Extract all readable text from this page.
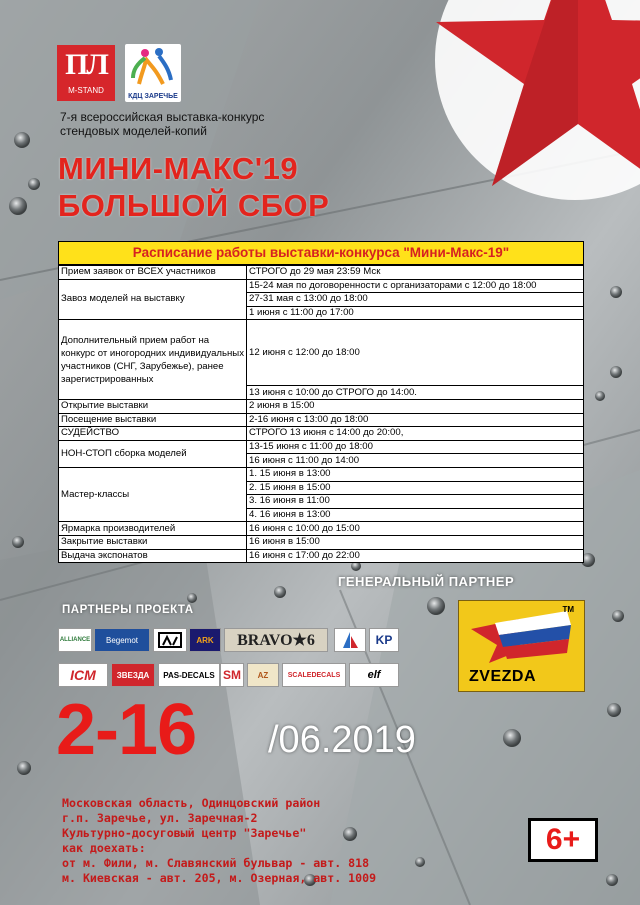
ПЛ
M-STAND
КДЦ ЗАРЕЧЬЕ
7-я всероссийская выставка-конкурс
стендовых моделей-копий
МИНИ-МАКС'19
БОЛЬШОЙ СБОР
Расписание работы выставки-конкурса "Мини-Макс-19"
Прием заявок от ВСЕХ участников	СТРОГО до 29 мая 23:59 Мск
Завоз моделей на выставку	15-24 мая по договоренности с организаторами с 12:00 до 18:00
	27-31 мая с 13:00 до 18:00
	1 июня с 11:00 до 17:00
Дополнительный прием работ на конкурс от иногородних индивидуальных участников (СНГ, Зарубежье), ранее зарегистрированных	12 июня с 12:00 до 18:00
	13 июня с 10:00 до СТРОГО до 14:00.
Открытие выставки	2 июня в 15:00
Посещение выставки	2-16 июня с 13:00 до 18:00
СУДЕЙСТВО	СТРОГО 13 июня с 14:00 до 20:00,
НОН-СТОП сборка моделей	13-15 июня с 11:00 до 18:00
	16 июня с 11:00 до 14:00
Мастер-классы	1. 15 июня в 13:00
	2. 15 июня в 15:00
	3. 16 июня в 11:00
	4. 16 июня в 13:00
Ярмарка производителей	16 июня с 10:00 до 15:00
Закрытие выставки	16 июня в 15:00
Выдача экспонатов	16 июня с 17:00 до 22:00
ГЕНЕРАЛЬНЫЙ ПАРТНЕР
ПАРТНЕРЫ ПРОЕКТА	TM
ZVEZDA
ALLIANCE Begemot	ARK BRAVO★6	KP
ICM	ЗВЕЗДА PAS-DECALS SM AZ	SCALEDECALS elf
2-16 /06.2019
Московская область, Одинцовский район
г.п. Заречье, ул. Заречная-2
Культурно-досуговый центр "Заречье"
как доехать:
от м. Фили, м. Славянский бульвар - авт. 818
м. Киевская - авт. 205, м. Озерная, авт. 1009
6+
